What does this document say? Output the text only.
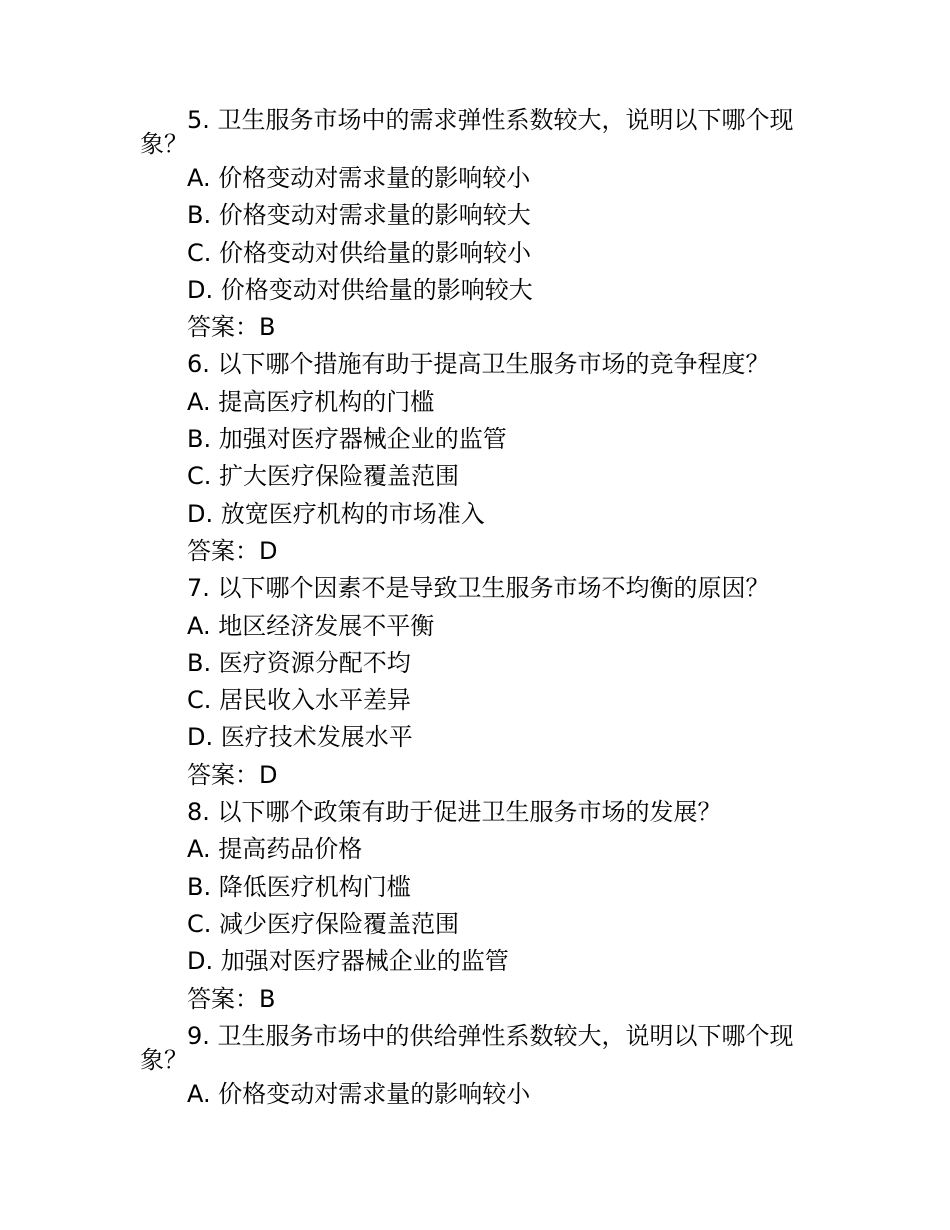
5. 卫生服务市场中的需求弹性系数较大，说明以下哪个现象？

A. 价格变动对需求量的影响较小

B. 价格变动对需求量的影响较大

C. 价格变动对供给量的影响较小

D. 价格变动对供给量的影响较大

答案：B

6. 以下哪个措施有助于提高卫生服务市场的竞争程度？

A. 提高医疗机构的门槛

B. 加强对医疗器械企业的监管

C. 扩大医疗保险覆盖范围

D. 放宽医疗机构的市场准入

答案：D

7. 以下哪个因素不是导致卫生服务市场不均衡的原因？

A. 地区经济发展不平衡

B. 医疗资源分配不均

C. 居民收入水平差异

D. 医疗技术发展水平

答案：D

8. 以下哪个政策有助于促进卫生服务市场的发展？

A. 提高药品价格

B. 降低医疗机构门槛

C. 减少医疗保险覆盖范围

D. 加强对医疗器械企业的监管

答案：B

9. 卫生服务市场中的供给弹性系数较大，说明以下哪个现象？

A. 价格变动对需求量的影响较小
